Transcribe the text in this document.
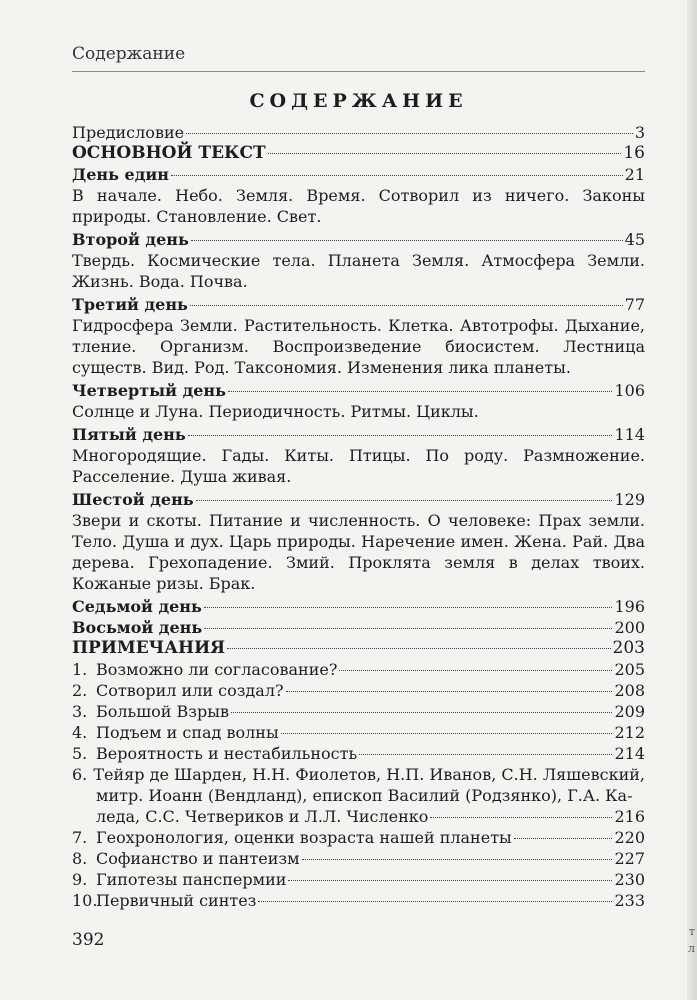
Содержание
СОДЕРЖАНИЕ
Предисловие	3
ОСНОВНОЙ ТЕКСТ	16
День един	21
В начале. Небо. Земля. Время. Сотворил из ничего. Законы природы. Становление. Свет.
Второй день	45
Твердь. Космические тела. Планета Земля. Атмосфера Земли. Жизнь. Вода. Почва.
Третий день	77
Гидросфера Земли. Растительность. Клетка. Автотрофы. Дыхание, тление. Организм. Воспроизведение биосистем. Лестница существ. Вид. Род. Таксономия. Изменения лика планеты.
Четвертый день	106
Солнце и Луна. Периодичность. Ритмы. Циклы.
Пятый день	114
Многородящие. Гады. Киты. Птицы. По роду. Размножение. Расселение. Душа живая.
Шестой день	129
Звери и скоты. Питание и численность. О человеке: Прах земли. Тело. Душа и дух. Царь природы. Наречение имен. Жена. Рай. Два дерева. Грехопадение. Змий. Проклята земля в делах твоих. Кожаные ризы. Брак.
Седьмой день	196
Восьмой день	200
ПРИМЕЧАНИЯ	203
1. Возможно ли согласование?	205
2. Сотворил или создал?	208
3. Большой Взрыв	209
4. Подъем и спад волны	212
5. Вероятность и нестабильность	214
6. Тейяр де Шарден, Н.Н. Фиолетов, Н.П. Иванов, С.Н. Ляшевский,
митр. Иоанн (Вендланд), епископ Василий (Родзянко), Г.А. Ка-
леда, С.С. Четвериков и Л.Л. Численко	216
7. Геохронология, оценки возраста нашей планеты	220
8. Софианство и пантеизм	227
9. Гипотезы панспермии	230
10.
Первичный синтез	233
392	т
л
